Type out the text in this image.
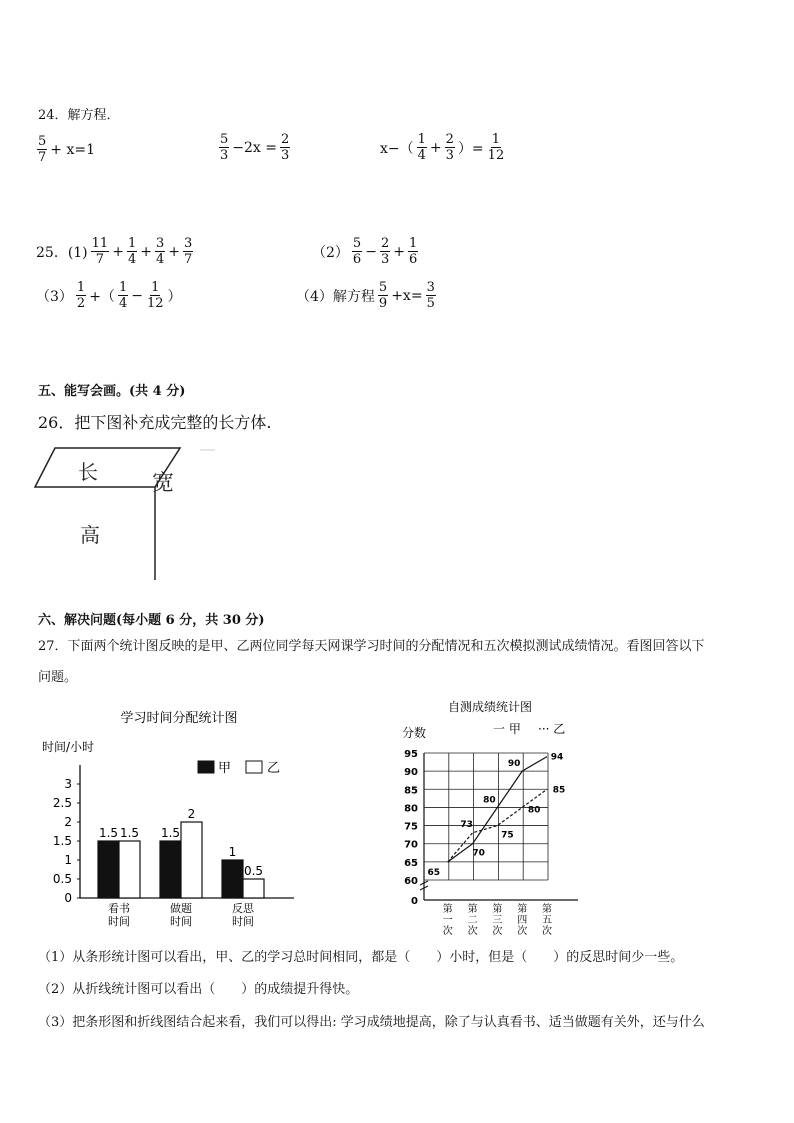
24．解方程．
$\frac{5}{7} + x=1$	$\frac{5}{3} -2x = \frac{2}{3}$	$x-( \frac{1}{4} + \frac{2}{3}$ ）= $\frac{1}{12}$
25．$(1) \frac{11}{7} + \frac{1}{4} + \frac{3}{4} + \frac{3}{7}$	$(2) \frac{5}{6} - \frac{2}{3} + \frac{1}{6}$
$(3) \frac{1}{2}$ +（ $\frac{1}{4} - \frac{1}{12}$ ）	（4）解方程 $\frac{5}{9} +x= \frac{3}{5}$
五、能写会画。(共 4 分)
26．把下图补充成完整的长方体.
长 宽
高
六、解决问题(每小题 6 分，共 30 分)
27．下面两个统计图反映的是甲、乙两位同学每天网课学习时间的分配情况和五次模拟测试成绩情况。看图回答以下
问题。
学习时间分配统计图
时间/小时
0
0.5
1
1.5
2
2.5
3
看书
时间
做题
时间
反思
时间
1.5 1.5 1.5
2
1
0.5
甲	乙
自测成绩统计图
分数	一 甲 ··· 乙
0
60
65
70
75
80
85
90
95
第
一
次
第
二
次
第
三
次
第
四
次
第
五
次
65
70
73
80
75
90
80
94
85
（1）从条形统计图可以看出，甲、乙的学习总时间相同，都是（　　）小时，但是（　　）的反思时间少一些。
（2）从折线统计图可以看出（　　）的成绩提升得快。
（3）把条形图和折线图结合起来看，我们可以得出: 学习成绩地提高，除了与认真看书、适当做题有关外，还与什么
